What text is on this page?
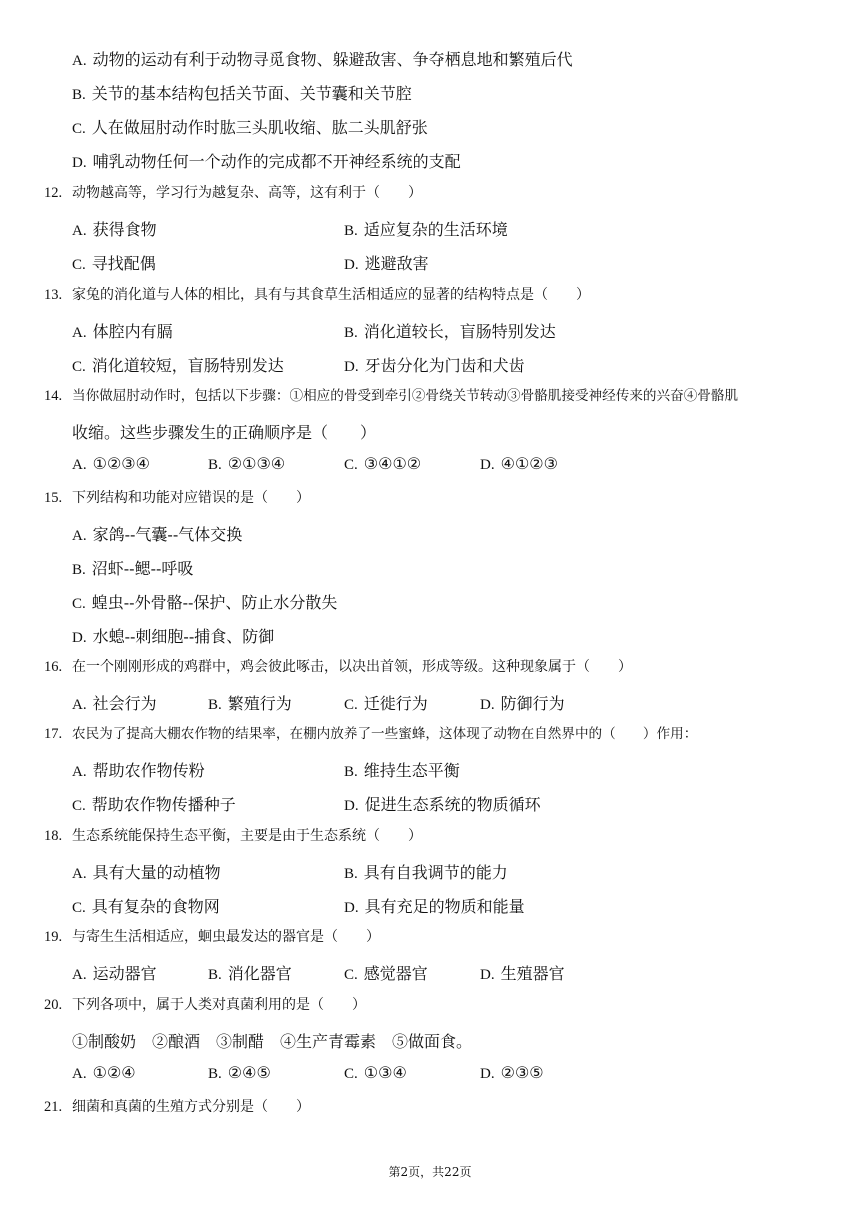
A. 动物的运动有利于动物寻觅食物、躲避敌害、争夺栖息地和繁殖后代
B. 关节的基本结构包括关节面、关节囊和关节腔
C. 人在做屈肘动作时肱三头肌收缩、肱二头肌舒张
D. 哺乳动物任何一个动作的完成都不开神经系统的支配
12. 动物越高等，学习行为越复杂、高等，这有利于（　　）
A. 获得食物	B. 适应复杂的生活环境
C. 寻找配偶	D. 逃避敌害
13. 家兔的消化道与人体的相比，具有与其食草生活相适应的显著的结构特点是（　　）
A. 体腔内有膈	B. 消化道较长，盲肠特别发达
C. 消化道较短，盲肠特别发达	D. 牙齿分化为门齿和犬齿
14. 当你做屈肘动作时，包括以下步骤：①相应的骨受到牵引②骨绕关节转动③骨骼肌接受神经传来的兴奋④骨骼肌
收缩。这些步骤发生的正确顺序是（　　）
A. ①②③④	B. ②①③④	C. ③④①②	D. ④①②③
15. 下列结构和功能对应错误的是（　　）
A. 家鸽--气囊--气体交换
B. 沼虾--鳃--呼吸
C. 蝗虫--外骨骼--保护、防止水分散失
D. 水螅--刺细胞--捕食、防御
16. 在一个刚刚形成的鸡群中，鸡会彼此啄击，以决出首领，形成等级。这种现象属于（　　）
A. 社会行为	B. 繁殖行为	C. 迁徙行为	D. 防御行为
17. 农民为了提高大棚农作物的结果率，在棚内放养了一些蜜蜂，这体现了动物在自然界中的（　　）作用：
A. 帮助农作物传粉	B. 维持生态平衡
C. 帮助农作物传播种子	D. 促进生态系统的物质循环
18. 生态系统能保持生态平衡，主要是由于生态系统（　　）
A. 具有大量的动植物	B. 具有自我调节的能力
C. 具有复杂的食物网	D. 具有充足的物质和能量
19. 与寄生生活相适应，蛔虫最发达的器官是（　　）
A. 运动器官	B. 消化器官	C. 感觉器官	D. 生殖器官
20. 下列各项中，属于人类对真菌利用的是（　　）
①制酸奶　②酿酒　③制醋　④生产青霉素　⑤做面食。
A. ①②④	B. ②④⑤	C. ①③④	D. ②③⑤
21. 细菌和真菌的生殖方式分别是（　　）
第2页，共22页
